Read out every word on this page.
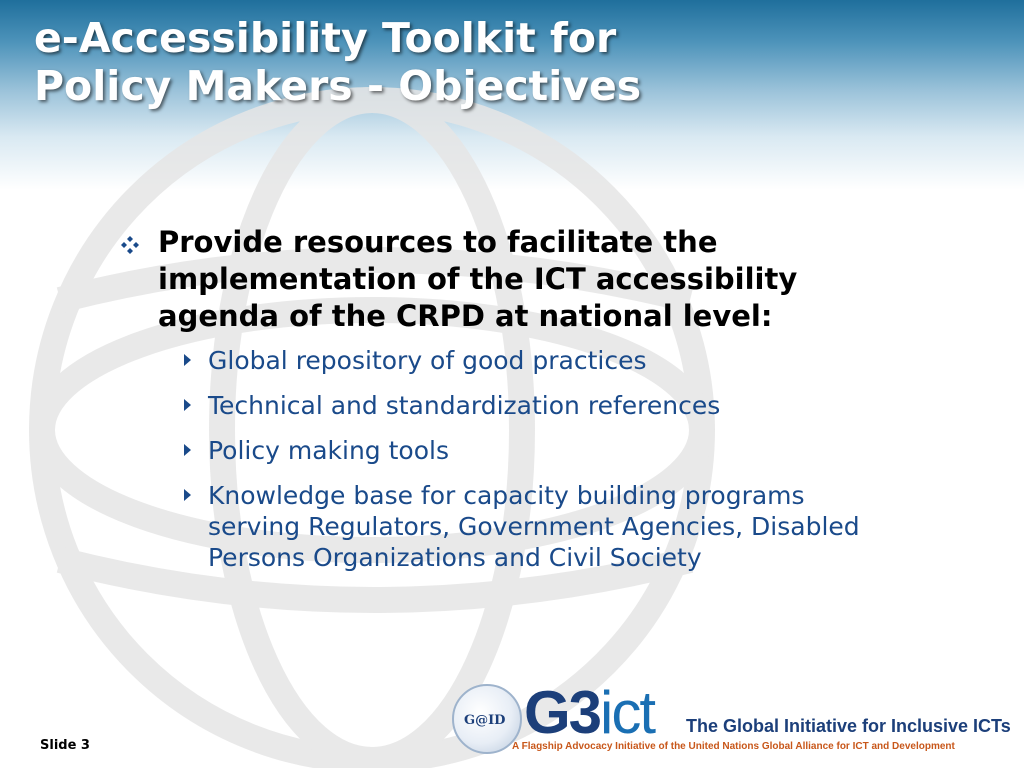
e-Accessibility Toolkit for
Policy Makers - Objectives
Provide resources to facilitate the
implementation of the ICT accessibility
agenda of the CRPD at national level:
Global repository of good practices
Technical and standardization references
Policy making tools
Knowledge base for capacity building programs
serving Regulators, Government Agencies, Disabled
Persons Organizations and Civil Society
Slide 3
G@ID G3ict The Global Initiative for Inclusive ICTs
A Flagship Advocacy Initiative of the United Nations Global Alliance for ICT and Development
